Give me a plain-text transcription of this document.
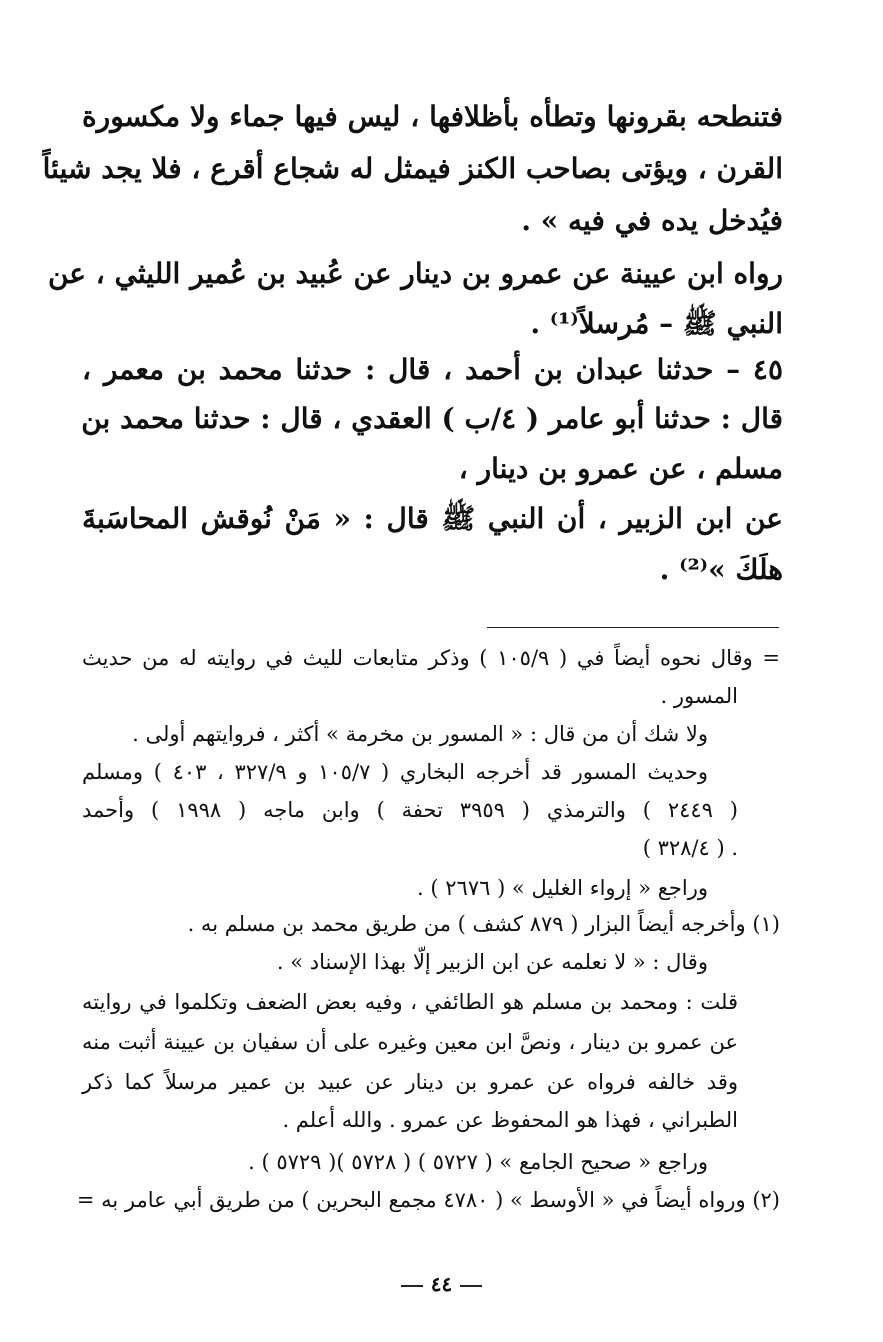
فتنطحه بقرونها وتطأه بأظلافها ، ليس فيها جماء ولا مكسورة
القرن ، ويؤتى بصاحب الكنز فيمثل له شجاع أقرع ، فلا يجد شيئاً
فيُدخل يده في فيه » .
رواه ابن عيينة عن عمرو بن دينار عن عُبيد بن عُمير الليثي ، عن
النبي ﷺ – مُرسلاً⁽¹⁾ .
٤٥ – حدثنا عبدان بن أحمد ، قال : حدثنا محمد بن معمر ،
قال : حدثنا أبو عامر ( ٤/ب ) العقدي ، قال : حدثنا محمد بن
مسلم ، عن عمرو بن دينار ،
عن ابن الزبير ، أن النبي ﷺ قال : « مَنْ نُوقش المحاسَبةَ
هلَكَ »⁽²⁾ .
= وقال نحوه أيضاً في ( ١٠٥/٩ ) وذكر متابعات لليث في روايته له من حديث
المسور .
ولا شك أن من قال : « المسور بن مخرمة » أكثر ، فروايتهم أولى .
وحديث المسور قد أخرجه البخاري ( ١٠٥/٧ و ٣٢٧/٩ ، ٤٠٣ ) ومسلم
( ٢٤٤٩ ) والترمذي ( ٣٩٥٩ تحفة ) وابن ماجه ( ١٩٩٨ ) وأحمد
( ٣٢٨/٤ ) .
وراجع « إرواء الغليل » ( ٢٦٧٦ ) .
(١) وأخرجه أيضاً البزار ( ٨٧٩ كشف ) من طريق محمد بن مسلم به .
وقال : « لا نعلمه عن ابن الزبير إلّا بهذا الإسناد » .
قلت : ومحمد بن مسلم هو الطائفي ، وفيه بعض الضعف وتكلموا في روايته
عن عمرو بن دينار ، ونصَّ ابن معين وغيره على أن سفيان بن عيينة أثبت منه
وقد خالفه فرواه عن عمرو بن دينار عن عبيد بن عمير مرسلاً كما ذكر
الطبراني ، فهذا هو المحفوظ عن عمرو . والله أعلم .
وراجع « صحيح الجامع » ( ٥٧٢٧ ) ( ٥٧٢٨ )( ٥٧٢٩ ) .
(٢) ورواه أيضاً في « الأوسط » ( ٤٧٨٠ مجمع البحرين ) من طريق أبي عامر به =
٤٤
